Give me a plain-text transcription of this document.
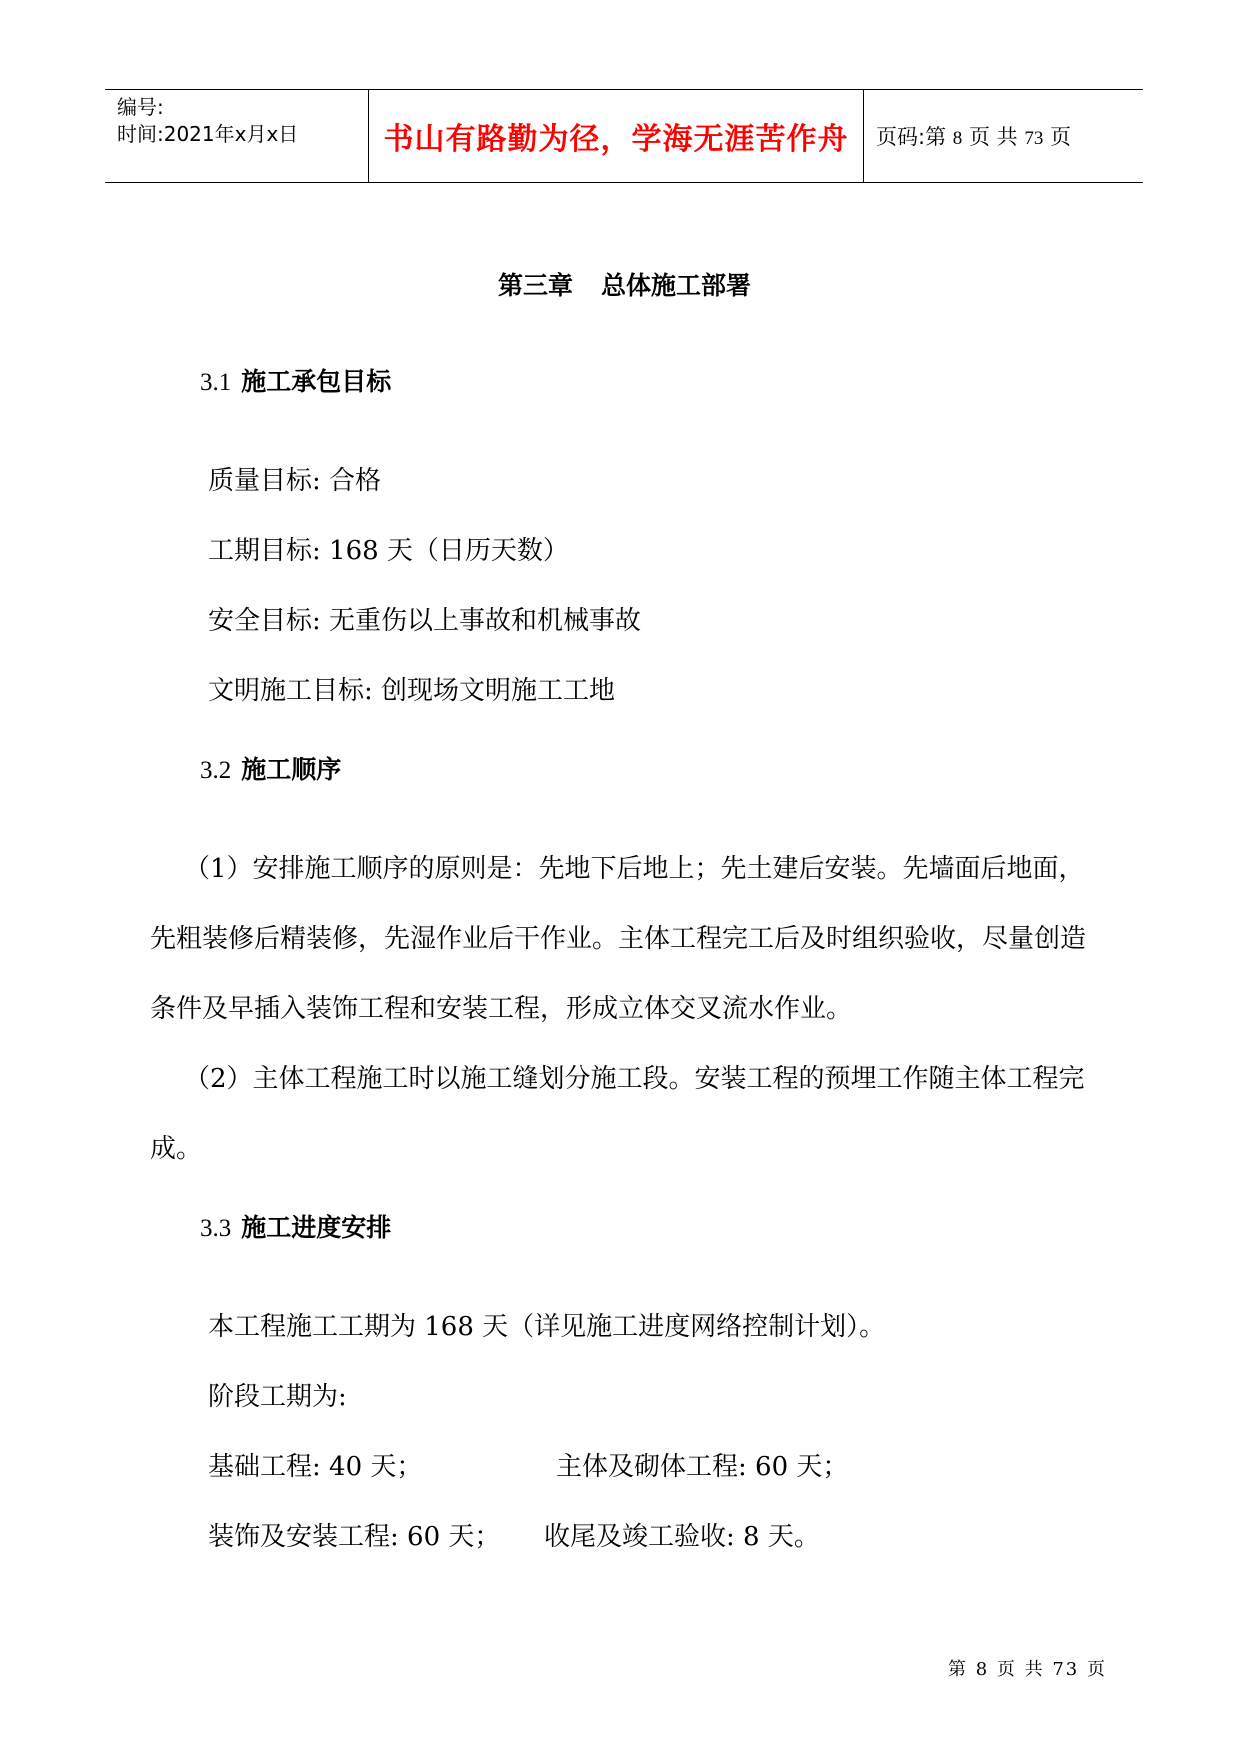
编号:
时间:2021年x月x日	书山有路勤为径，学海无涯苦作舟 页码:第 8 页 共 73 页
第三章 总体施工部署
3.1 施工承包目标
质量目标: 合格
工期目标: 168 天（日历天数）
安全目标: 无重伤以上事故和机械事故
文明施工目标: 创现场文明施工工地
3.2 施工顺序
（1）安排施工顺序的原则是：先地下后地上；先土建后安装。先墙面后地面，
先粗装修后精装修，先湿作业后干作业。主体工程完工后及时组织验收，尽量创造
条件及早插入装饰工程和安装工程，形成立体交叉流水作业。
（2）主体工程施工时以施工缝划分施工段。安装工程的预埋工作随主体工程完
成。
3.3 施工进度安排
本工程施工工期为 168 天（详见施工进度网络控制计划）。
阶段工期为:
基础工程: 40 天；	主体及砌体工程: 60 天；
装饰及安装工程: 60 天； 收尾及竣工验收: 8 天。
第 8 页 共 73 页
